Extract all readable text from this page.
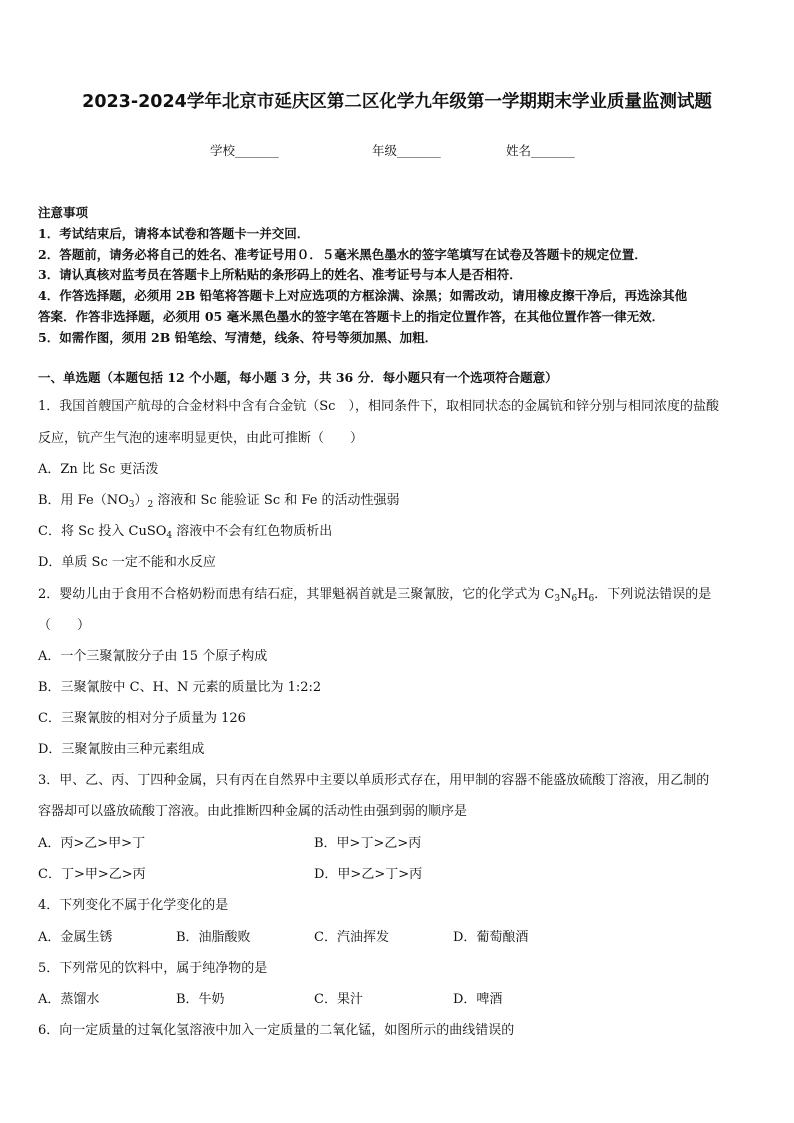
2023-2024学年北京市延庆区第二区化学九年级第一学期期末学业质量监测试题
学校_______	年级_______	姓名_______
注意事项
1．考试结束后，请将本试卷和答题卡一并交回．
2．答题前，请务必将自己的姓名、准考证号用０．５毫米黑色墨水的签字笔填写在试卷及答题卡的规定位置．
3．请认真核对监考员在答题卡上所粘贴的条形码上的姓名、准考证号与本人是否相符．
4．作答选择题，必须用 2B 铅笔将答题卡上对应选项的方框涂满、涂黑；如需改动，请用橡皮擦干净后，再选涂其他
答案．作答非选择题，必须用 05 毫米黑色墨水的签字笔在答题卡上的指定位置作答，在其他位置作答一律无效．
5．如需作图，须用 2B 铅笔绘、写清楚，线条、符号等须加黑、加粗．
一、单选题（本题包括 12 个小题，每小题 3 分，共 36 分．每小题只有一个选项符合题意）
1．我国首艘国产航母的合金材料中含有合金钪（Sc　），相同条件下，取相同状态的金属钪和锌分别与相同浓度的盐酸
反应，钪产生气泡的速率明显更快，由此可推断（　　）
A．Zn 比 Sc 更活泼
B．用 $Fe(NO_3)_2$ 溶液和 Sc 能验证 Sc 和 Fe 的活动性强弱
C．将 Sc 投入 CuSO$_4$ 溶液中不会有红色物质析出
D．单质 Sc 一定不能和水反应
2．婴幼儿由于食用不合格奶粉而患有结石症，其罪魁祸首就是三聚氰胺，它的化学式为 $C_3N_6H_6$．下列说法错误的是
（　　）
A．一个三聚氰胺分子由 15 个原子构成
B．三聚氰胺中 C、H、N 元素的质量比为 1:2:2
C．三聚氰胺的相对分子质量为 126
D．三聚氰胺由三种元素组成
3．甲、乙、丙、丁四种金属，只有丙在自然界中主要以单质形式存在，用甲制的容器不能盛放硫酸丁溶液，用乙制的
容器却可以盛放硫酸丁溶液。由此推断四种金属的活动性由强到弱的顺序是
A．丙>乙>甲>丁	B．甲>丁>乙>丙
C．丁>甲>乙>丙	D．甲>乙>丁>丙
4．下列变化不属于化学变化的是
A．金属生锈	B．油脂酸败	C．汽油挥发	D．葡萄酿酒
5．下列常见的饮料中，属于纯净物的是
A．蒸馏水	B．牛奶	C．果汁	D．啤酒
6．向一定质量的过氧化氢溶液中加入一定质量的二氧化锰，如图所示的曲线错误的
